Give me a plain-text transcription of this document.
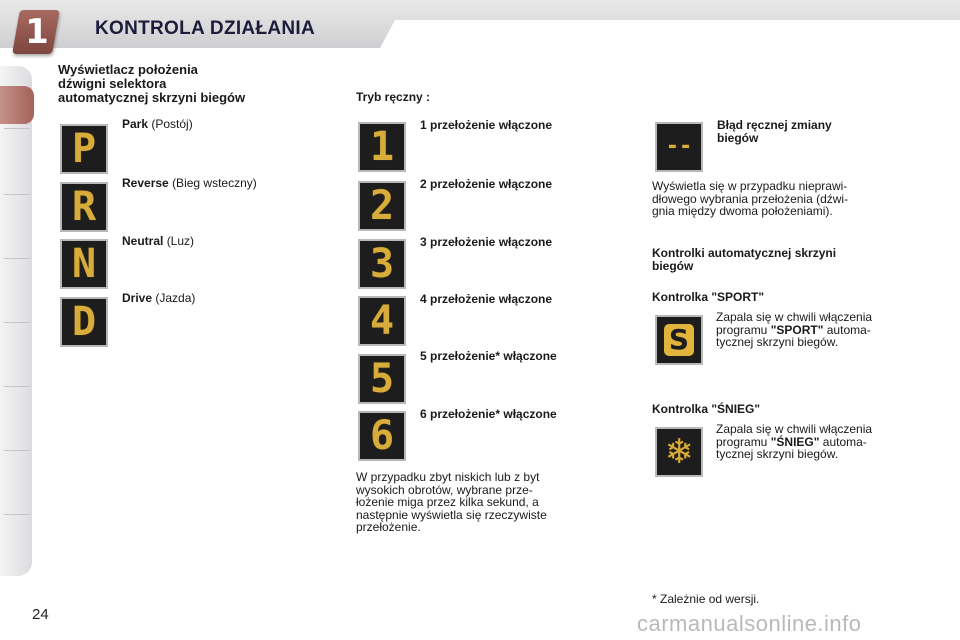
1 KONTROLA DZIAŁANIA
Wyświetlacz położenia
dźwigni selektora
automatycznej skrzyni biegów
P
Park (Postój)
R
Reverse (Bieg wsteczny)
N Neutral (Luz)
D
Drive (Jazda)
Tryb ręczny :
1 1 przełożenie włączone
2 2 przełożenie włączone
3 3 przełożenie włączone
4 4 przełożenie włączone
5 5 przełożenie* włączone
6 6 przełożenie* włączone
W przypadku zbyt niskich lub z byt
wysokich obrotów, wybrane prze-
łożenie miga przez kilka sekund, a
następnie wyświetla się rzeczywiste
przełożenie.
--
Błąd ręcznej zmiany
biegów
Wyświetla się w przypadku nieprawi-
dłowego wybrania przełożenia (dźwi-
gnia między dwoma położeniami).
Kontrolki automatycznej skrzyni
biegów
Kontrolka "SPORT"
S
Zapala się w chwili włączenia
programu "SPORT" automa-
tycznej skrzyni biegów.
Kontrolka "ŚNIEG"
❄
Zapala się w chwili włączenia
programu "ŚNIEG" automa-
tycznej skrzyni biegów.
* Zależnie od wersji.
24	carmanualsonline.info
